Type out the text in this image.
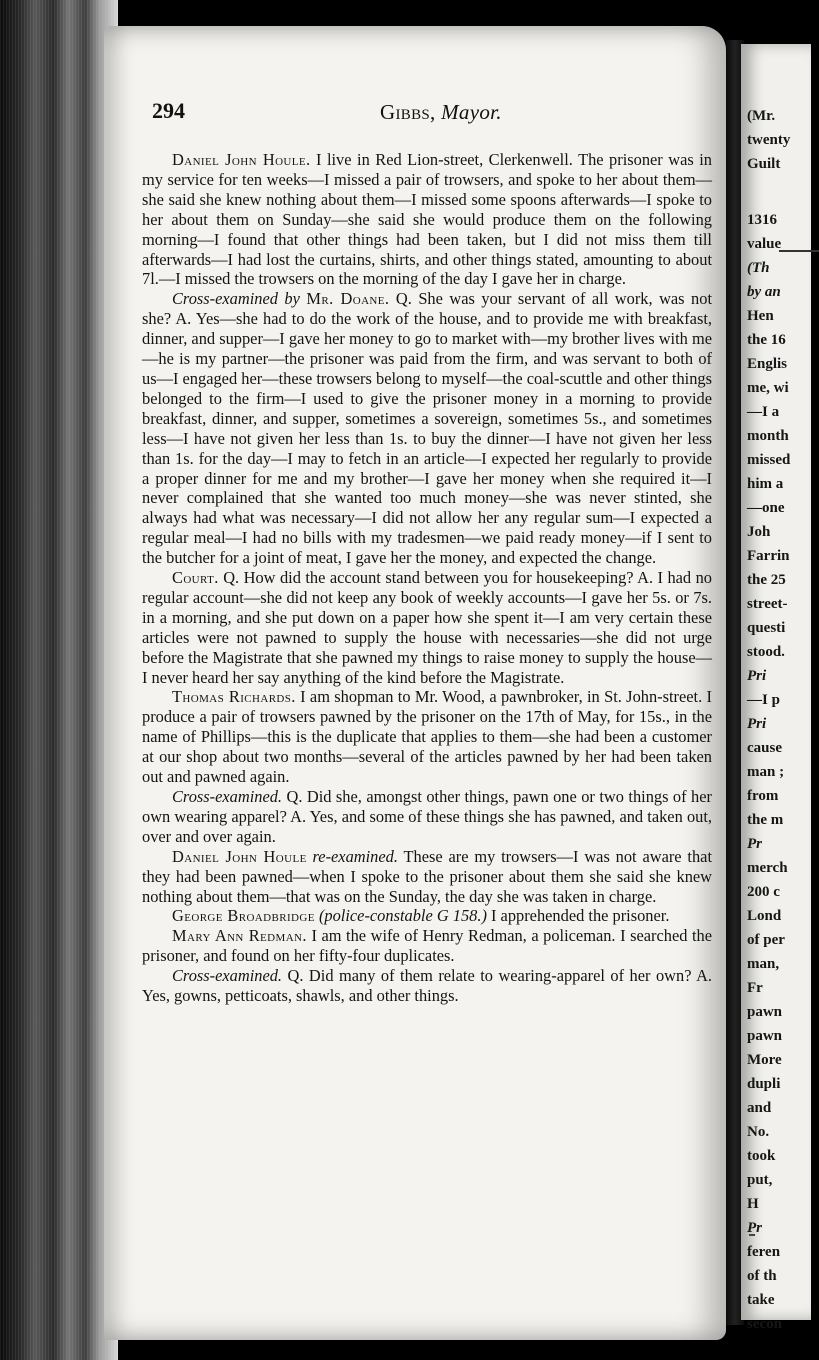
(Mr.
twenty
Guilt
1316
value
(Th
by an
Hen
the 16
Englis
me, wi
—I a
month
missed
him a
—one
Joh
Farrin
the 25
street-
questi
stood.
Pri
—I p
Pri
cause
man ;
from
the m
Pr
merch
200 c
Lond
of per
man,
Fr
pawn
pawn
More
dupli
and
No.
took
put,
H
Pr
feren
of th
take
secon
294	Gibbs, Mayor.

Daniel John Houle. I live in Red Lion-street, Clerkenwell. The prisoner was in my service for ten weeks—I missed a pair of trowsers, and spoke to her about them—she said she knew nothing about them—I missed some spoons afterwards—I spoke to her about them on Sunday—she said she would produce them on the following morning—I found that other things had been taken, but I did not miss them till afterwards—I had lost the curtains, shirts, and other things stated, amounting to about 7l.—I missed the trowsers on the morning of the day I gave her in charge.

Cross-examined by Mr. Doane. Q. She was your servant of all work, was not she? A. Yes—she had to do the work of the house, and to provide me with breakfast, dinner, and supper—I gave her money to go to market with—my brother lives with me—he is my partner—the prisoner was paid from the firm, and was servant to both of us—I engaged her—these trowsers belong to myself—the coal-scuttle and other things belonged to the firm—I used to give the prisoner money in a morning to provide breakfast, dinner, and supper, sometimes a sovereign, sometimes 5s., and sometimes less—I have not given her less than 1s. to buy the dinner—I have not given her less than 1s. for the day—I may to fetch in an article—I expected her regularly to provide a proper dinner for me and my brother—I gave her money when she required it—I never complained that she wanted too much money—she was never stinted, she always had what was necessary—I did not allow her any regular sum—I expected a regular meal—I had no bills with my tradesmen—we paid ready money—if I sent to the butcher for a joint of meat, I gave her the money, and expected the change.

Court. Q. How did the account stand between you for housekeeping? A. I had no regular account—she did not keep any book of weekly accounts—I gave her 5s. or 7s. in a morning, and she put down on a paper how she spent it—I am very certain these articles were not pawned to supply the house with necessaries—she did not urge before the Magistrate that she pawned my things to raise money to supply the house—I never heard her say anything of the kind before the Magistrate.

Thomas Richards. I am shopman to Mr. Wood, a pawnbroker, in St. John-street. I produce a pair of trowsers pawned by the prisoner on the 17th of May, for 15s., in the name of Phillips—this is the duplicate that applies to them—she had been a customer at our shop about two months—several of the articles pawned by her had been taken out and pawned again.

Cross-examined. Q. Did she, amongst other things, pawn one or two things of her own wearing apparel? A. Yes, and some of these things she has pawned, and taken out, over and over again.

Daniel John Houle re-examined. These are my trowsers—I was not aware that they had been pawned—when I spoke to the prisoner about them she said she knew nothing about them—that was on the Sunday, the day she was taken in charge.

George Broadbridge (police-constable G 158.) I apprehended the prisoner.

Mary Ann Redman. I am the wife of Henry Redman, a policeman. I searched the prisoner, and found on her fifty-four duplicates.

Cross-examined. Q. Did many of them relate to wearing-apparel of her own? A. Yes, gowns, petticoats, shawls, and other things.
